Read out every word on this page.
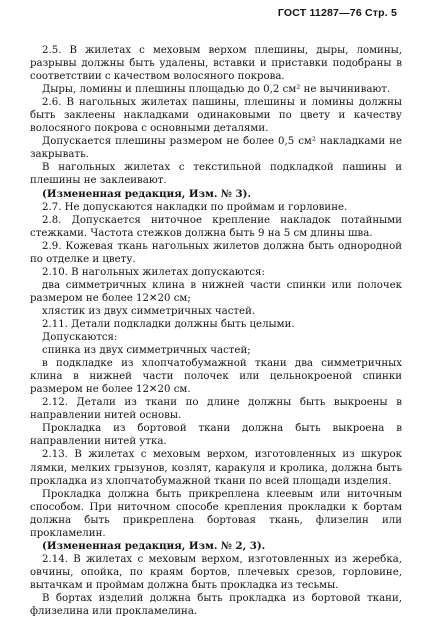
ГОСТ 11287—76 Стр. 5

2.5. В жилетах с меховым верхом плешины, дыры, ломины, разрывы должны быть удалены, вставки и приставки подобраны в соответствии с качеством волосяного покрова.

Дыры, ломины и плешины площадью до 0,2 см² не вычинивают.

2.6. В нагольных жилетах пашины, плешины и ломины должны быть заклеены накладками одинаковыми по цвету и качеству волосяного покрова с основными деталями.

Допускается плешины размером не более 0,5 см² накладками не закрывать.

В нагольных жилетах с текстильной подкладкой пашины и плешины не заклеивают.

(Измененная редакция, Изм. № 3).

2.7. Не допускаются накладки по проймам и горловине.

2.8. Допускается ниточное крепление накладок потайными стежками. Частота стежков должна быть 9 на 5 см длины шва.

2.9. Кожевая ткань нагольных жилетов должна быть однородной по отделке и цвету.

2.10. В нагольных жилетах допускаются:

два симметричных клина в нижней части спинки или полочек размером не более 12✕20 см;

хлястик из двух симметричных частей.

2.11. Детали подкладки должны быть целыми.

Допускаются:

спинка из двух симметричных частей;

в подкладке из хлопчатобумажной ткани два симметричных клина в нижней части полочек или цельнокроеной спинки размером не более 12✕20 см.

2.12. Детали из ткани по длине должны быть выкроены в направлении нитей основы.

Прокладка из бортовой ткани должна быть выкроена в направлении нитей утка.

2.13. В жилетах с меховым верхом, изготовленных из шкурок лямки, мелких грызунов, козлят, каракуля и кролика, должна быть прокладка из хлопчатобумажной ткани по всей площади изделия.

Прокладка должна быть прикреплена клеевым или ниточным способом. При ниточном способе крепления прокладки к бортам должна быть прикреплена бортовая ткань, флизелин или прокламелин.

(Измененная редакция, Изм. № 2, 3).

2.14. В жилетах с меховым верхом, изготовленных из жеребка, овчины, опойка, по краям бортов, плечевых срезов, горловине, вытачкам и проймам должна быть прокладка из тесьмы.

В бортах изделий должна быть прокладка из бортовой ткани, флизелина или прокламелина.
